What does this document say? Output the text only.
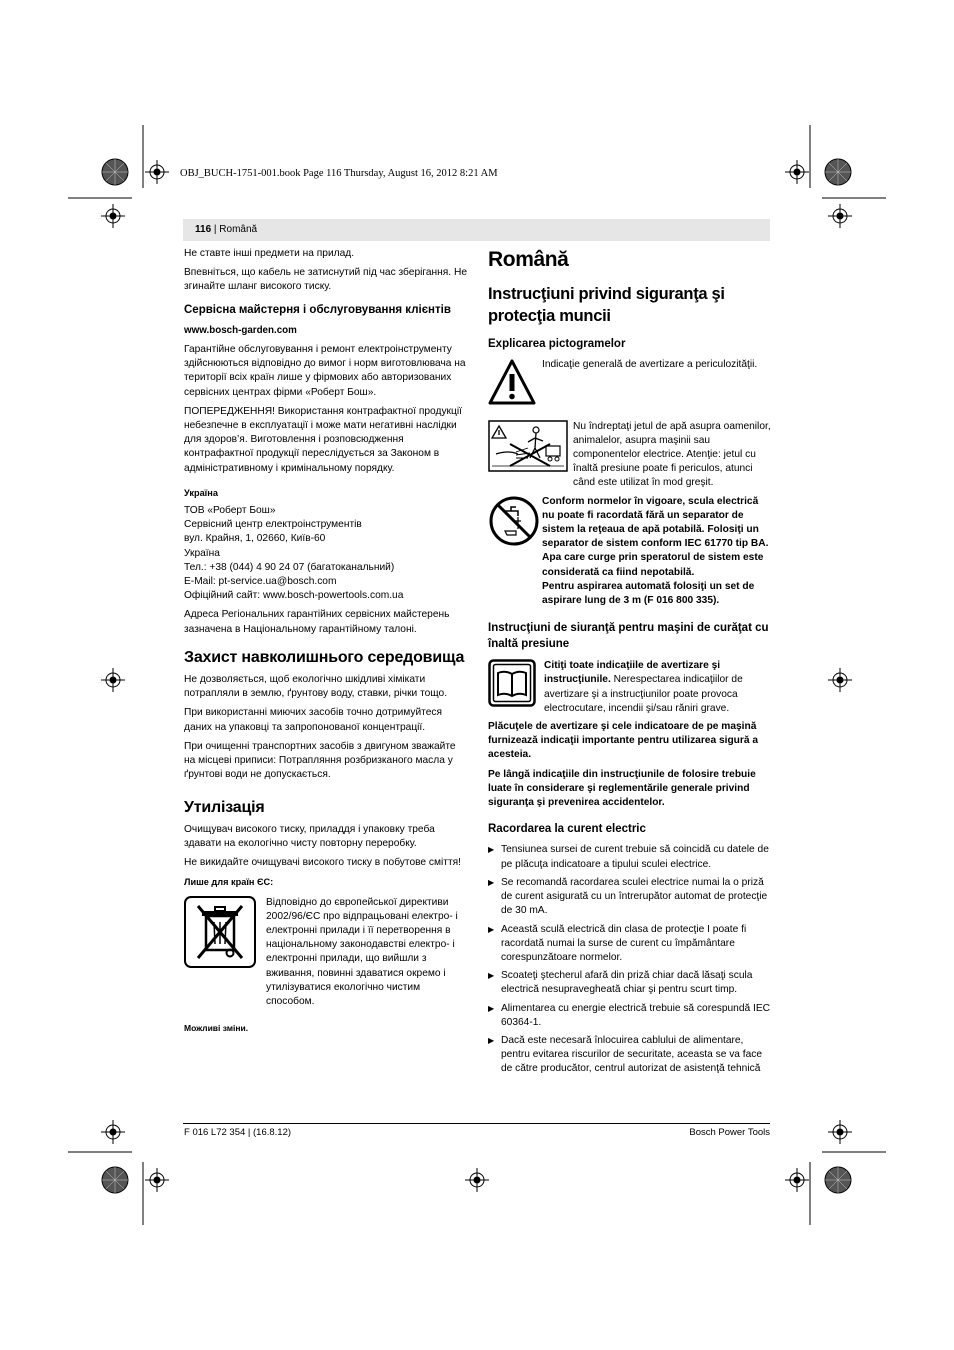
OBJ_BUCH-1751-001.book Page 116 Thursday, August 16, 2012 8:21 AM
116 | Română

Не ставте інші предмети на прилад.

Впевніться, що кабель не затиснутий під час зберігання. Не згинайте шланг високого тиску.

Сервісна майстерня і обслуговування клієнтів

www.bosch-garden.com

Гарантійне обслуговування і ремонт електроінструменту здійснюються відповідно до вимог і норм виготовлювача на території всіх країн лише у фірмових або авторизованих сервісних центрах фірми «Роберт Бош».

ПОПЕРЕДЖЕННЯ! Використання контрафактної продукції небезпечне в експлуатації і може мати негативні наслідки для здоров’я. Виготовлення і розповсюдження контрафактної продукції переслідується за Законом в адміністративному і кримінальному порядку.

Україна
ТОВ «Роберт Бош»
Сервісний центр електроінструментів
вул. Крайня, 1, 02660, Київ-60
Україна
Тел.: +38 (044) 4 90 24 07 (багатоканальний)
E-Mail: pt-service.ua@bosch.com
Офіційний сайт: www.bosch-powertools.com.ua

Адреса Регіональних гарантійних сервісних майстерень зазначена в Національному гарантійному талоні.

Захист навколишнього середовища

Не дозволяється, щоб екологічно шкідливі хімікати потрапляли в землю, ґрунтову воду, ставки, річки тощо.

При використанні миючих засобів точно дотримуйтеся даних на упаковці та запропонованої концентрації.

При очищенні транспортних засобів з двигуном зважайте на місцеві приписи: Потрапляння розбризканого масла у ґрунтові води не допускається.

Утилізація

Очищувач високого тиску, приладдя і упаковку треба здавати на екологічно чисту повторну переробку.

Не викидайте очищувачі високого тиску в побутове сміття!

Лише для країн ЄС:
Відповідно до європейської директиви 2002/96/ЄС про відпрацьовані електро- і електронні прилади і її перетворення в національному законодавстві електро- і електронні прилади, що вийшли з вживання, повинні здаватися окремо і утилізуватися екологічно чистим способом.
Можливі зміни.
Română
Instrucţiuni privind siguranţa şi protecţia muncii
Explicarea pictogramelor
Indicaţie generală de avertizare a periculozităţii.
Nu îndreptaţi jetul de apă asupra oamenilor, animalelor, asupra maşinii sau componentelor electrice. Atenţie: jetul cu înaltă presiune poate fi periculos, atunci când este utilizat în mod greşit.
Conform normelor în vigoare, scula electrică nu poate fi racordată fără un separator de sistem la reţeaua de apă potabilă. Folosiţi un separator de sistem conform IEC 61770 tip BA.
Apa care curge prin speratorul de sistem este considerată ca fiind nepotabilă.
Pentru aspirarea automată folosiţi un set de aspirare lung de 3 m (F 016 800 335).
Instrucţiuni de siuranţă pentru maşini de curăţat cu înaltă presiune
Citiţi toate indicaţiile de avertizare şi instrucţiunile. Nerespectarea indicaţiilor de avertizare şi a instrucţiunilor poate provoca electrocutare, incendii şi/sau răniri grave.

Plăcuţele de avertizare şi cele indicatoare de pe maşină furnizează indicaţii importante pentru utilizarea sigură a acesteia.

Pe lângă indicaţiile din instrucţiunile de folosire trebuie luate în considerare şi reglementările generale privind siguranţa şi prevenirea accidentelor.

Racordarea la curent electric
▶ Tensiunea sursei de curent trebuie să coincidă cu datele de pe plăcuţa indicatoare a tipului sculei electrice.
▶ Se recomandă racordarea sculei electrice numai la o priză de curent asigurată cu un întrerupător automat de protecţie de 30 mA.
▶ Această sculă electrică din clasa de protecţie I poate fi racordată numai la surse de curent cu împământare corespunzătoare normelor.
▶ Scoateţi ştecherul afară din priză chiar dacă lăsaţi scula electrică nesupravegheată chiar şi pentru scurt timp.
▶ Alimentarea cu energie electrică trebuie să corespundă IEC 60364-1.
▶ Dacă este necesară înlocuirea cablului de alimentare, pentru evitarea riscurilor de securitate, aceasta se va face de către producător, centrul autorizat de asistenţă tehnică
F 016 L72 354 | (16.8.12)	Bosch Power Tools
